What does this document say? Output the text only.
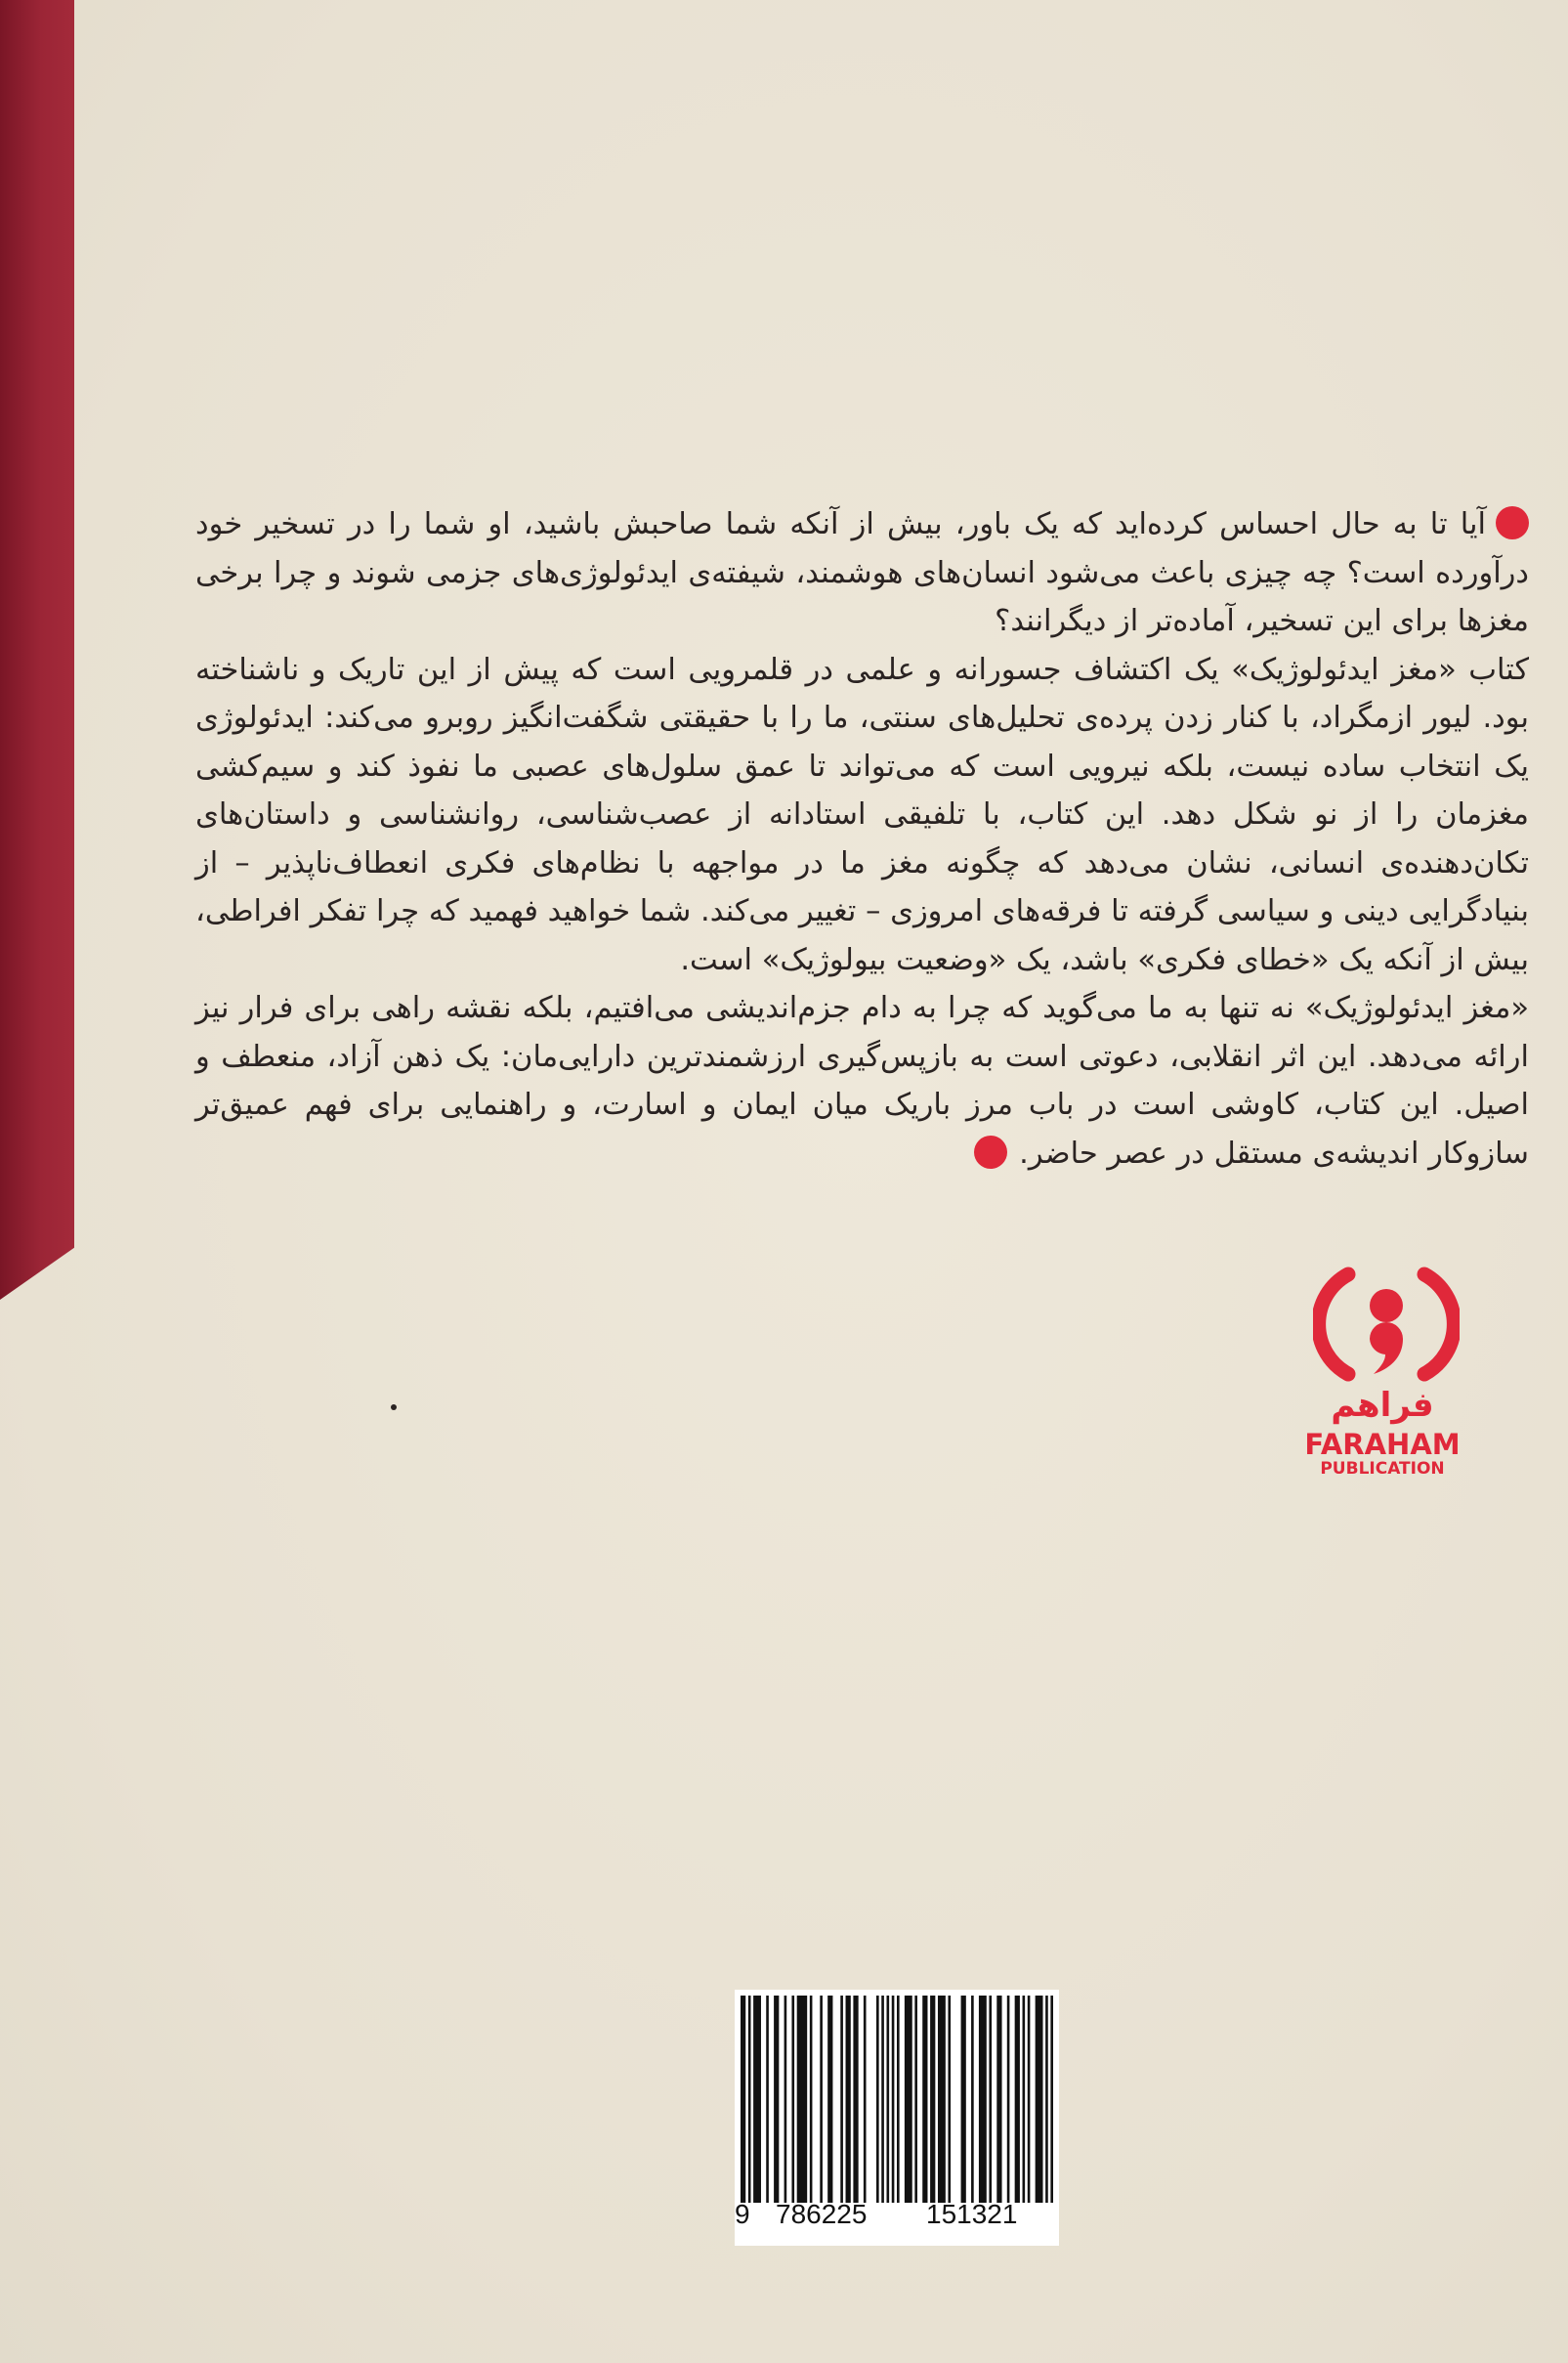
آیا تا به حال احساس کرده‌اید که یک باور، بیش از آنکه شما صاحبش باشید، او شما را در تسخیر خود درآورده است؟ چه چیزی باعث می‌شود انسان‌های هوشمند، شیفته‌ی ایدئولوژی‌های جزمی شوند و چرا برخی مغزها برای این تسخیر، آماده‌تر از دیگرانند؟

کتاب «مغز ایدئولوژیک» یک اکتشاف جسورانه و علمی در قلمرویی است که پیش از این تاریک و ناشناخته بود. لیور ازمگراد، با کنار زدن پرده‌ی تحلیل‌های سنتی، ما را با حقیقتی شگفت‌انگیز روبرو می‌کند: ایدئولوژی یک انتخاب ساده نیست، بلکه نیرویی است که می‌تواند تا عمق سلول‌های عصبی ما نفوذ کند و سیم‌کشی مغزمان را از نو شکل دهد. این کتاب، با تلفیقی استادانه از عصب‌شناسی، روانشناسی و داستان‌های تکان‌دهنده‌ی انسانی، نشان می‌دهد که چگونه مغز ما در مواجهه با نظام‌های فکری انعطاف‌ناپذیر – از بنیادگرایی دینی و سیاسی گرفته تا فرقه‌های امروزی – تغییر می‌کند. شما خواهید فهمید که چرا تفکر افراطی، بیش از آنکه یک «خطای فکری» باشد، یک «وضعیت بیولوژیک» است.

«مغز ایدئولوژیک» نه تنها به ما می‌گوید که چرا به دام جزم‌اندیشی می‌افتیم، بلکه نقشه راهی برای فرار نیز ارائه می‌دهد. این اثر انقلابی، دعوتی است به بازپس‌گیری ارزشمندترین دارایی‌مان: یک ذهن آزاد، منعطف و اصیل. این کتاب، کاوشی است در باب مرز باریک میان ایمان و اسارت، و راهنمایی برای فهم عمیق‌تر سازوکار اندیشه‌ی مستقل در عصر حاضر.

فراهم
FARAHAM
PUBLICATION
9 786225 151321
